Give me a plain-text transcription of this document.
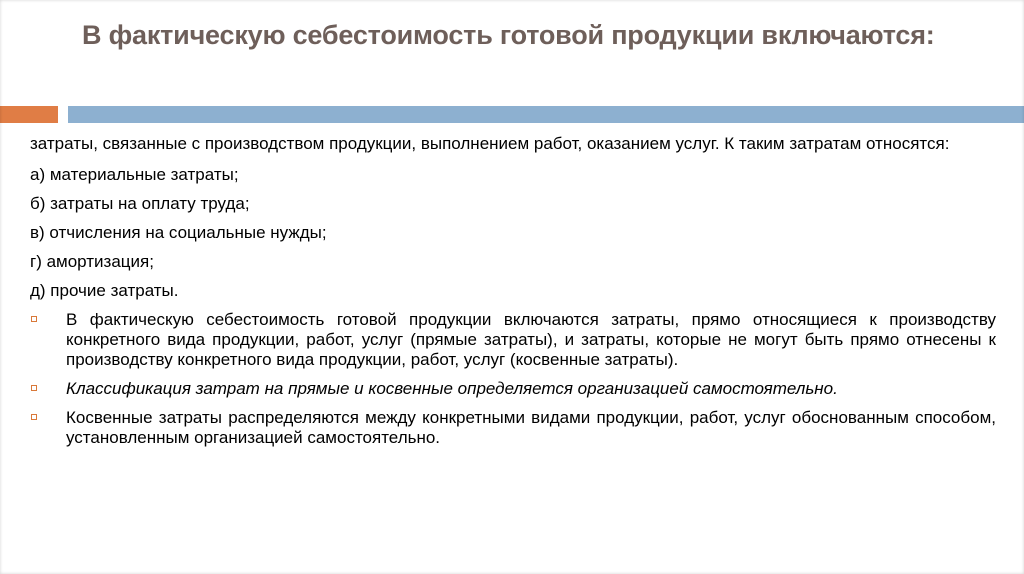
В фактическую себестоимость готовой продукции включаются:

затраты, связанные с производством продукции, выполнением работ, оказанием услуг. К таким затратам относятся:

а) материальные затраты;

б) затраты на оплату труда;

в) отчисления на социальные нужды;

г) амортизация;

д) прочие затраты.

В фактическую себестоимость готовой продукции включаются затраты, прямо относящиеся к производству конкретного вида продукции, работ, услуг (прямые затраты), и затраты, которые не могут быть прямо отнесены к производству конкретного вида продукции, работ, услуг (косвенные затраты).
Классификация затрат на прямые и косвенные определяется организацией самостоятельно.
Косвенные затраты распределяются между конкретными видами продукции, работ, услуг обоснованным способом, установленным организацией самостоятельно.
